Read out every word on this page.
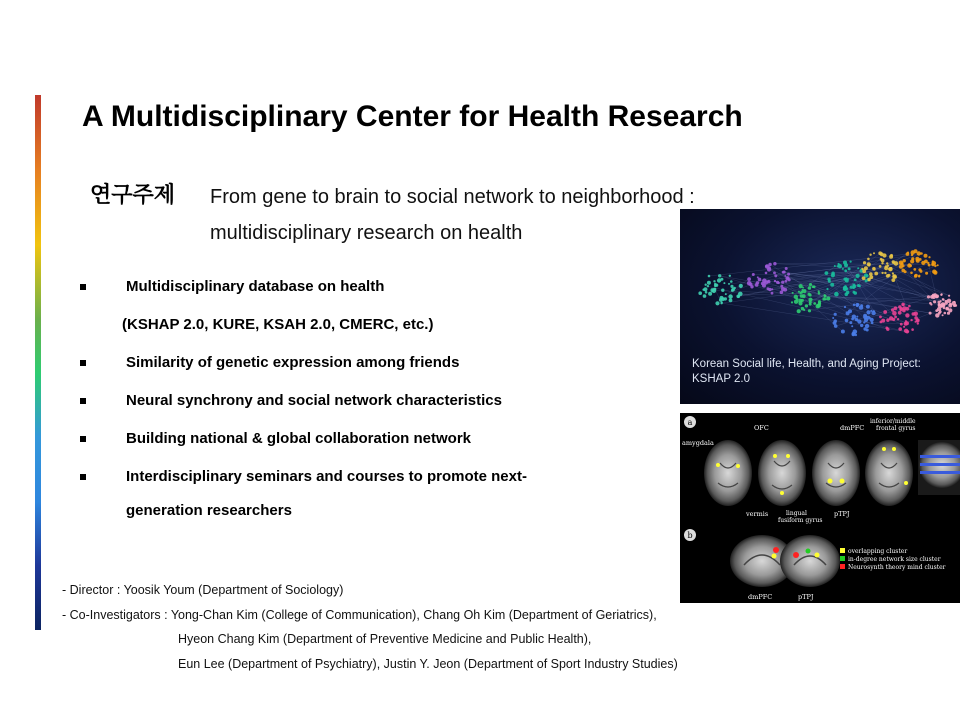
A Multidisciplinary Center for Health Research
연구주제 From gene to brain to social network to neighborhood :
multidisciplinary research on health
Multidisciplinary database on health
(KSHAP 2.0, KURE, KSAH 2.0, CMERC, etc.)
Similarity of genetic expression among friends
Neural synchrony and social network characteristics
Building national & global collaboration network
Interdisciplinary seminars and courses to promote next-
generation researchers
Korean Social life, Health, and Aging Project:
KSHAP 2.0
a
b
amygdala
OFC	dmPFC
inferior/middle
frontal gyrus
vermis	lingual
fusiform gyrus
pTPJ
dmPFC	pTPJ
overlapping cluster
in-degree network size cluster
Neurosynth theory mind cluster
- Director : Yoosik Youm (Department of Sociology)
- Co-Investigators : Yong-Chan Kim (College of Communication), Chang Oh Kim (Department of Geriatrics),
Hyeon Chang Kim (Department of Preventive Medicine and Public Health),
Eun Lee (Department of Psychiatry), Justin Y. Jeon (Department of Sport Industry Studies)
